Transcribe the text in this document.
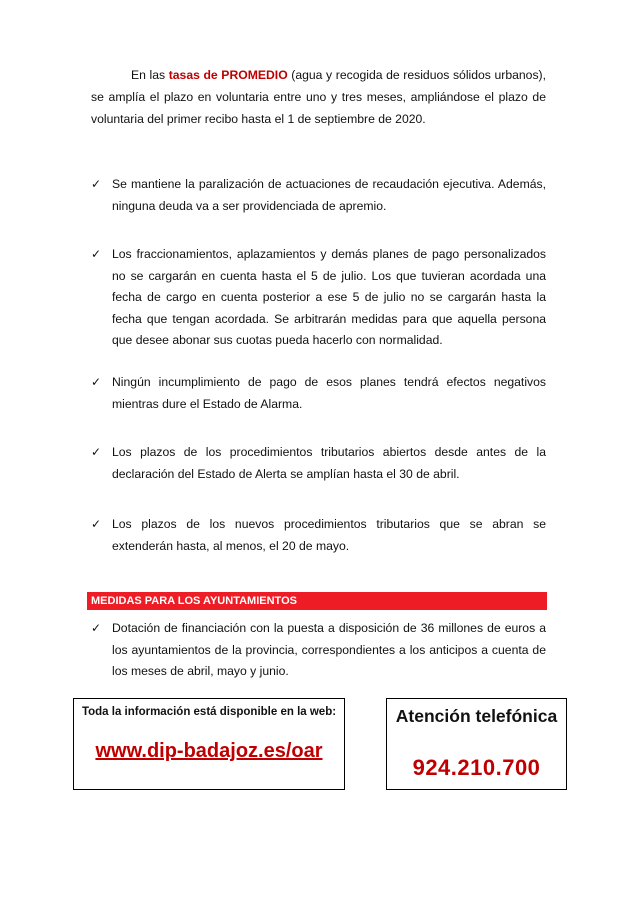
En las tasas de PROMEDIO (agua y recogida de residuos sólidos urbanos), se amplía el plazo en voluntaria entre uno y tres meses, ampliándose el plazo de voluntaria del primer recibo hasta el 1 de septiembre de 2020.

✓ Se mantiene la paralización de actuaciones de recaudación ejecutiva. Además, ninguna deuda va a ser providenciada de apremio.
✓ Los fraccionamientos, aplazamientos y demás planes de pago personalizados no se cargarán en cuenta hasta el 5 de julio. Los que tuvieran acordada una fecha de cargo en cuenta posterior a ese 5 de julio no se cargarán hasta la fecha que tengan acordada. Se arbitrarán medidas para que aquella persona que desee abonar sus cuotas pueda hacerlo con normalidad.
✓ Ningún incumplimiento de pago de esos planes tendrá efectos negativos mientras dure el Estado de Alarma.
✓ Los plazos de los procedimientos tributarios abiertos desde antes de la declaración del Estado de Alerta se amplían hasta el 30 de abril.
✓ Los plazos de los nuevos procedimientos tributarios que se abran se extenderán hasta, al menos, el 20 de mayo.
MEDIDAS PARA LOS AYUNTAMIENTOS
✓ Dotación de financiación con la puesta a disposición de 36 millones de euros a los ayuntamientos de la provincia, correspondientes a los anticipos a cuenta de los meses de abril, mayo y junio.
Toda la información está disponible en la web:
www.dip-badajoz.es/oar
Atención telefónica
924.210.700
